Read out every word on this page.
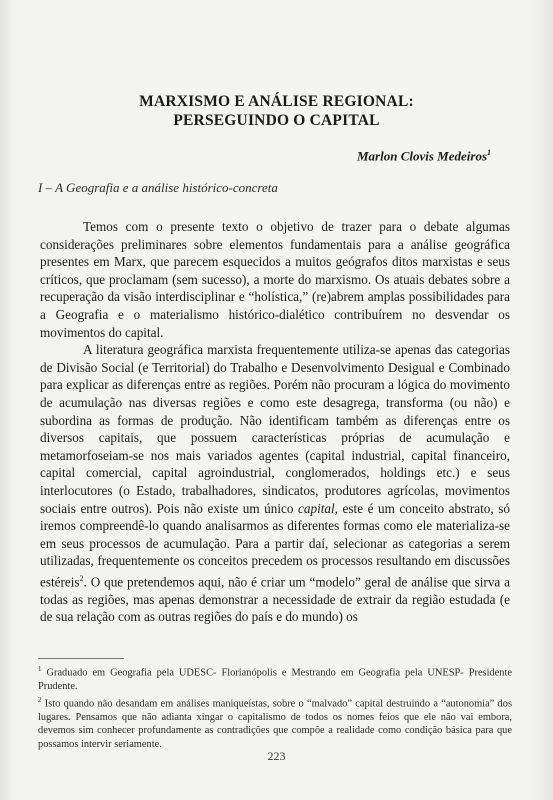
MARXISMO E ANÁLISE REGIONAL:
PERSEGUINDO O CAPITAL
Marlon Clovis Medeiros$^1$
I – A Geografia e a análise histórico-concreta

Temos com o presente texto o objetivo de trazer para o debate algumas considerações preliminares sobre elementos fundamentais para a análise geográfica presentes em Marx, que parecem esquecidos a muitos geógrafos ditos marxistas e seus críticos, que proclamam (sem sucesso), a morte do marxismo. Os atuais debates sobre a recuperação da visão interdisciplinar e “holística,” (re)abrem amplas possibilidades para a Geografia e o materialismo histórico-dialético contribuírem no desvendar os movimentos do capital.

A literatura geográfica marxista frequentemente utiliza-se apenas das categorias de Divisão Social (e Territorial) do Trabalho e Desenvolvimento Desigual e Combinado para explicar as diferenças entre as regiões. Porém não procuram a lógica do movimento de acumulação nas diversas regiões e como este desagrega, transforma (ou não) e subordina as formas de produção. Não identificam também as diferenças entre os diversos capitais, que possuem características próprias de acumulação e metamorfoseiam-se nos mais variados agentes (capital industrial, capital financeiro, capital comercial, capital agroindustrial, conglomerados, holdings etc.) e seus interlocutores (o Estado, trabalhadores, sindicatos, produtores agrícolas, movimentos sociais entre outros). Pois não existe um único capital, este é um conceito abstrato, só iremos compreendê-lo quando analisarmos as diferentes formas como ele materializa-se em seus processos de acumulação. Para a partir daí, selecionar as categorias a serem utilizadas, frequentemente os conceitos precedem os processos resultando em discussões estéreis$^2$. O que pretendemos aqui, não é criar um “modelo” geral de análise que sirva a todas as regiões, mas apenas demonstrar a necessidade de extrair da região estudada (e de sua relação com as outras regiões do país e do mundo) os

$^1$ Graduado em Geografia pela UDESC- Florianópolis e Mestrando em Geografia pela UNESP- Presidente Prudente.

$^2$ Isto quando não desandam em análises maniqueístas, sobre o “malvado” capital destruindo a “autonomia” dos lugares. Pensamos que não adianta xingar o capitalismo de todos os nomes feios que ele não vai embora, devemos sim conhecer profundamente as contradições que compõe a realidade como condição básica para que possamos intervir seriamente.

223
